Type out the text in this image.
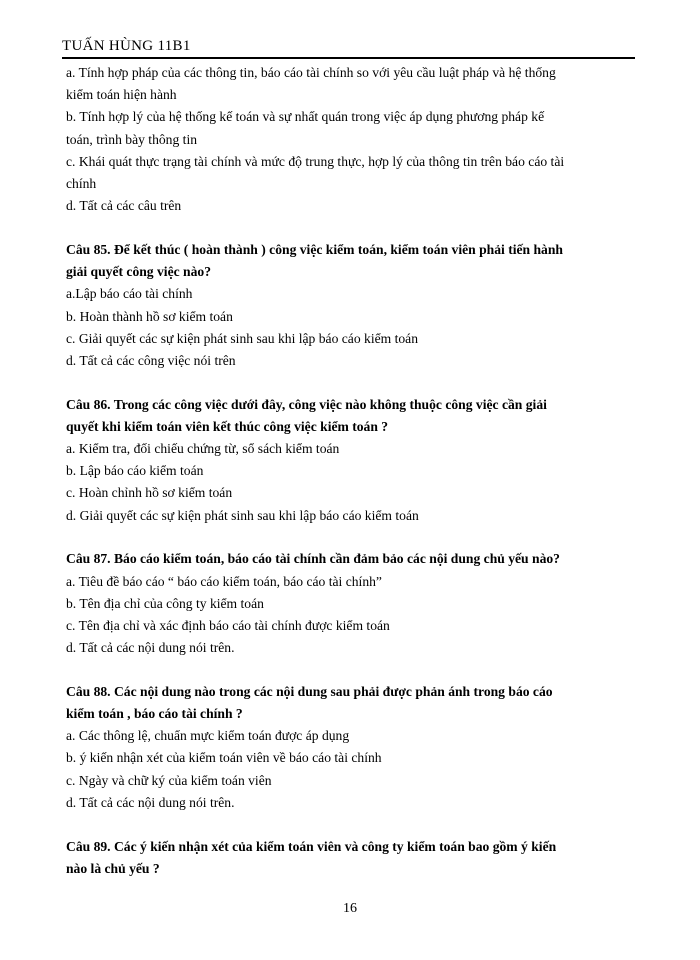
TUẤN HÙNG 11B1
a. Tính hợp pháp của các thông tin, báo cáo tài chính so với yêu cầu luật pháp và hệ thống
kiểm toán hiện hành
b. Tính hợp lý của hệ thống kế toán và sự nhất quán trong việc áp dụng phương pháp kế
toán, trình bày thông tin
c. Khái quát thực trạng tài chính và mức độ trung thực, hợp lý của thông tin trên báo cáo tài
chính
d. Tất cả các câu trên
Câu 85. Để kết thúc ( hoàn thành ) công việc kiểm toán, kiểm toán viên phải tiến hành
giải quyết công việc nào?
a.Lập báo cáo tài chính
b. Hoàn thành hồ sơ kiểm toán
c. Giải quyết các sự kiện phát sinh sau khi lập báo cáo kiểm toán
d. Tất cả các công việc nói trên
Câu 86. Trong các công việc dưới đây, công việc nào không thuộc công việc cần giải
quyết khi kiểm toán viên kết thúc công việc kiểm toán ?
a. Kiểm tra, đối chiếu chứng từ, sổ sách kiểm toán
b. Lập báo cáo kiểm toán
c. Hoàn chỉnh hồ sơ kiểm toán
d. Giải quyết các sự kiện phát sinh sau khi lập báo cáo kiểm toán
Câu 87. Báo cáo kiểm toán, báo cáo tài chính cần đảm bảo các nội dung chủ yếu nào?
a. Tiêu đề báo cáo “ báo cáo kiểm toán, báo cáo tài chính”
b. Tên địa chỉ của công ty kiểm toán
c. Tên địa chỉ và xác định báo cáo tài chính được kiểm toán
d. Tất cả các nội dung nói trên.
Câu 88. Các nội dung nào trong các nội dung sau phải được phản ánh trong báo cáo
kiểm toán , báo cáo tài chính ?
a. Các thông lệ, chuẩn mực kiểm toán được áp dụng
b. ý kiến nhận xét của kiểm toán viên về báo cáo tài chính
c. Ngày và chữ ký của kiểm toán viên
d. Tất cả các nội dung nói trên.
Câu 89. Các ý kiến nhận xét của kiểm toán viên và công ty kiểm toán bao gồm ý kiến
nào là chủ yếu ?
16
